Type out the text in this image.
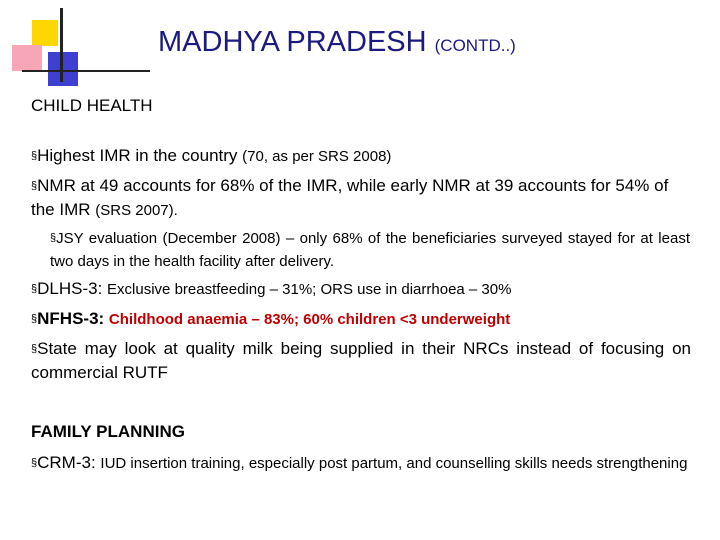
MADHYA PRADESH (CONTD..)
CHILD HEALTH
§Highest IMR in the country (70, as per SRS 2008)
§NMR at 49 accounts for 68% of the IMR, while early NMR at 39 accounts for 54% of the IMR (SRS 2007).
§JSY evaluation (December 2008) – only 68% of the beneficiaries surveyed stayed for at least two days in the health facility after delivery.
§DLHS-3: Exclusive breastfeeding – 31%; ORS use in diarrhoea – 30%
§NFHS-3: Childhood anaemia – 83%; 60% children <3 underweight
§State may look at quality milk being supplied in their NRCs instead of focusing on commercial RUTF
FAMILY PLANNING
§CRM-3: IUD insertion training, especially post partum, and counselling skills needs strengthening
